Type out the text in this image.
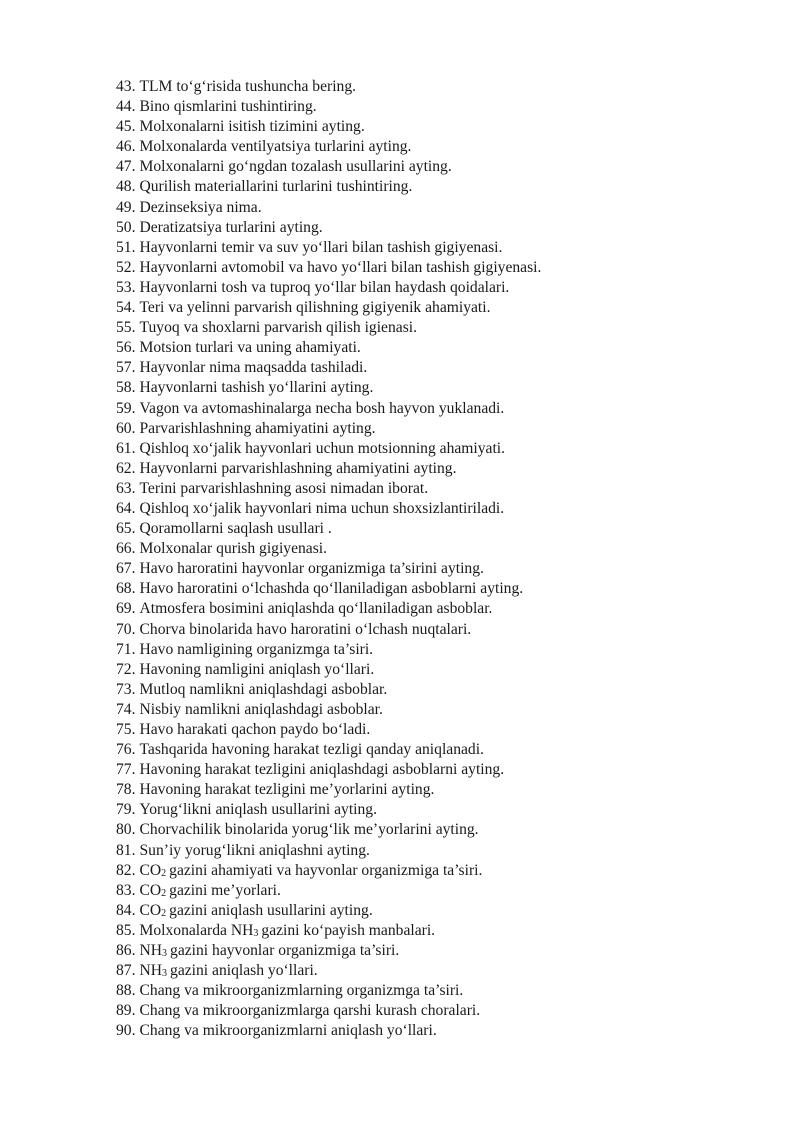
43. TLM to‘g‘risida tushuncha bering.
44. Bino qismlarini tushintiring.
45. Molxonalarni isitish tizimini ayting.
46. Molxonalarda ventilyatsiya turlarini ayting.
47. Molxonalarni go‘ngdan tozalash usullarini ayting.
48. Qurilish materiallarini turlarini tushintiring.
49. Dezinseksiya nima.
50. Deratizatsiya turlarini ayting.
51. Hayvonlarni temir va suv yo‘llari bilan tashish gigiyenasi.
52. Hayvonlarni avtomobil va havo yo‘llari bilan tashish gigiyenasi.
53. Hayvonlarni tosh va tuproq yo‘llar bilan haydash qoidalari.
54. Teri va yelinni parvarish qilishning gigiyenik ahamiyati.
55. Tuyoq va shoxlarni parvarish qilish igienasi.
56. Motsion turlari va uning ahamiyati.
57. Hayvonlar nima maqsadda tashiladi.
58. Hayvonlarni tashish yo‘llarini ayting.
59. Vagon va avtomashinalarga necha bosh hayvon yuklanadi.
60. Parvarishlashning ahamiyatini ayting.
61. Qishloq xo‘jalik hayvonlari uchun motsionning ahamiyati.
62. Hayvonlarni parvarishlashning ahamiyatini ayting.
63. Terini parvarishlashning asosi nimadan iborat.
64. Qishloq xo‘jalik hayvonlari nima uchun shoxsizlantiriladi.
65. Qoramollarni saqlash usullari .
66. Molxonalar qurish gigiyenasi.
67. Havo haroratini hayvonlar organizmiga ta’sirini ayting.
68. Havo haroratini o‘lchashda qo‘llaniladigan asboblarni ayting.
69. Atmosfera bosimini aniqlashda qo‘llaniladigan asboblar.
70. Chorva binolarida havo haroratini o‘lchash nuqtalari.
71. Havo namligining organizmga ta’siri.
72. Havoning namligini aniqlash yo‘llari.
73. Mutloq namlikni aniqlashdagi asboblar.
74. Nisbiy namlikni aniqlashdagi asboblar.
75. Havo harakati qachon paydo bo‘ladi.
76. Tashqarida havoning harakat tezligi qanday aniqlanadi.
77. Havoning harakat tezligini aniqlashdagi asboblarni ayting.
78. Havoning harakat tezligini me’yorlarini ayting.
79. Yorug‘likni aniqlash usullarini ayting.
80. Chorvachilik binolarida yorug‘lik me’yorlarini ayting.
81. Sun’iy yorug‘likni aniqlashni ayting.
82. $CO_2$ gazini ahamiyati va hayvonlar organizmiga ta’siri.
83. $CO_2$ gazini me’yorlari.
84. $CO_2$ gazini aniqlash usullarini ayting.
85. Molxonalarda $NH_3$ gazini ko‘payish manbalari.
86. $NH_3$ gazini hayvonlar organizmiga ta’siri.
87. $NH_3$ gazini aniqlash yo‘llari.
88. Chang va mikroorganizmlarning organizmga ta’siri.
89. Chang va mikroorganizmlarga qarshi kurash choralari.
90. Chang va mikroorganizmlarni aniqlash yo‘llari.
